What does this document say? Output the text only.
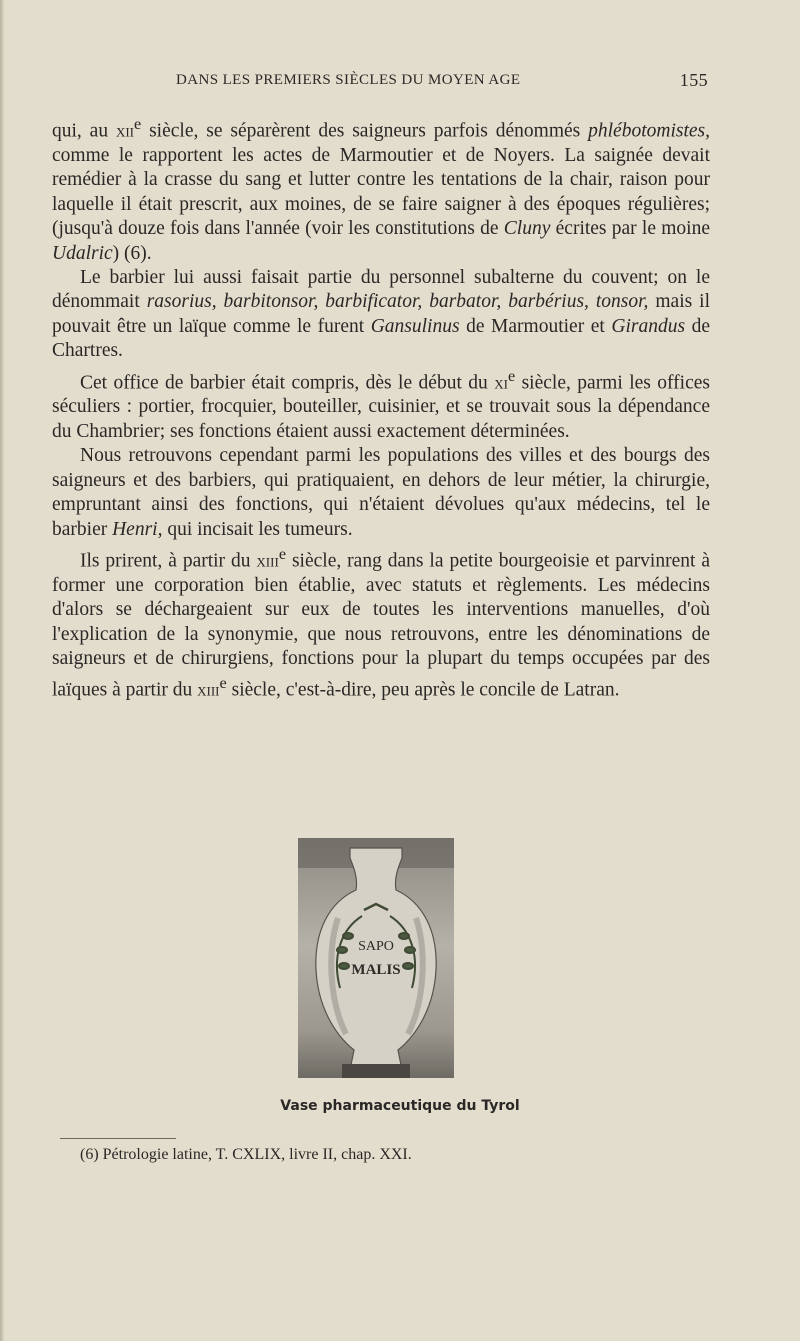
DANS LES PREMIERS SIÈCLES DU MOYEN AGE	155

qui, au xii$^e$ siècle, se séparèrent des saigneurs parfois dénommés phlébotomistes, comme le rapportent les actes de Marmoutier et de Noyers. La saignée devait remédier à la crasse du sang et lutter contre les tentations de la chair, raison pour laquelle il était prescrit, aux moines, de se faire saigner à des époques régulières; (jusqu'à douze fois dans l'année (voir les constitutions de Cluny écrites par le moine Udalric) (6).

Le barbier lui aussi faisait partie du personnel subalterne du couvent; on le dénommait rasorius, barbitonsor, barbificator, barbator, barbérius, tonsor, mais il pouvait être un laïque comme le furent Gansulinus de Marmoutier et Girandus de Chartres.

Cet office de barbier était compris, dès le début du $xi^e$ siècle, parmi les offices séculiers : portier, frocquier, bouteiller, cuisinier, et se trouvait sous la dépendance du Chambrier; ses fonctions étaient aussi exactement déterminées.

Nous retrouvons cependant parmi les populations des villes et des bourgs des saigneurs et des barbiers, qui pratiquaient, en dehors de leur métier, la chirurgie, empruntant ainsi des fonctions, qui n'étaient dévolues qu'aux médecins, tel le barbier Henri, qui incisait les tumeurs.

Ils prirent, à partir du xiii$^e$ siècle, rang dans la petite bourgeoisie et parvinrent à former une corporation bien établie, avec statuts et règlements. Les médecins d'alors se déchargeaient sur eux de toutes les interventions manuelles, d'où l'explication de la synonymie, que nous retrouvons, entre les dénominations de saigneurs et de chirurgiens, fonctions pour la plupart du temps occupées par des laïques à partir du xiii$^e$ siècle, c'est-à-dire, peu après le concile de Latran.

SAPO
MALIS
Vase pharmaceutique du Tyrol
(6) Pétrologie latine, T. CXLIX, livre II, chap. XXI.
